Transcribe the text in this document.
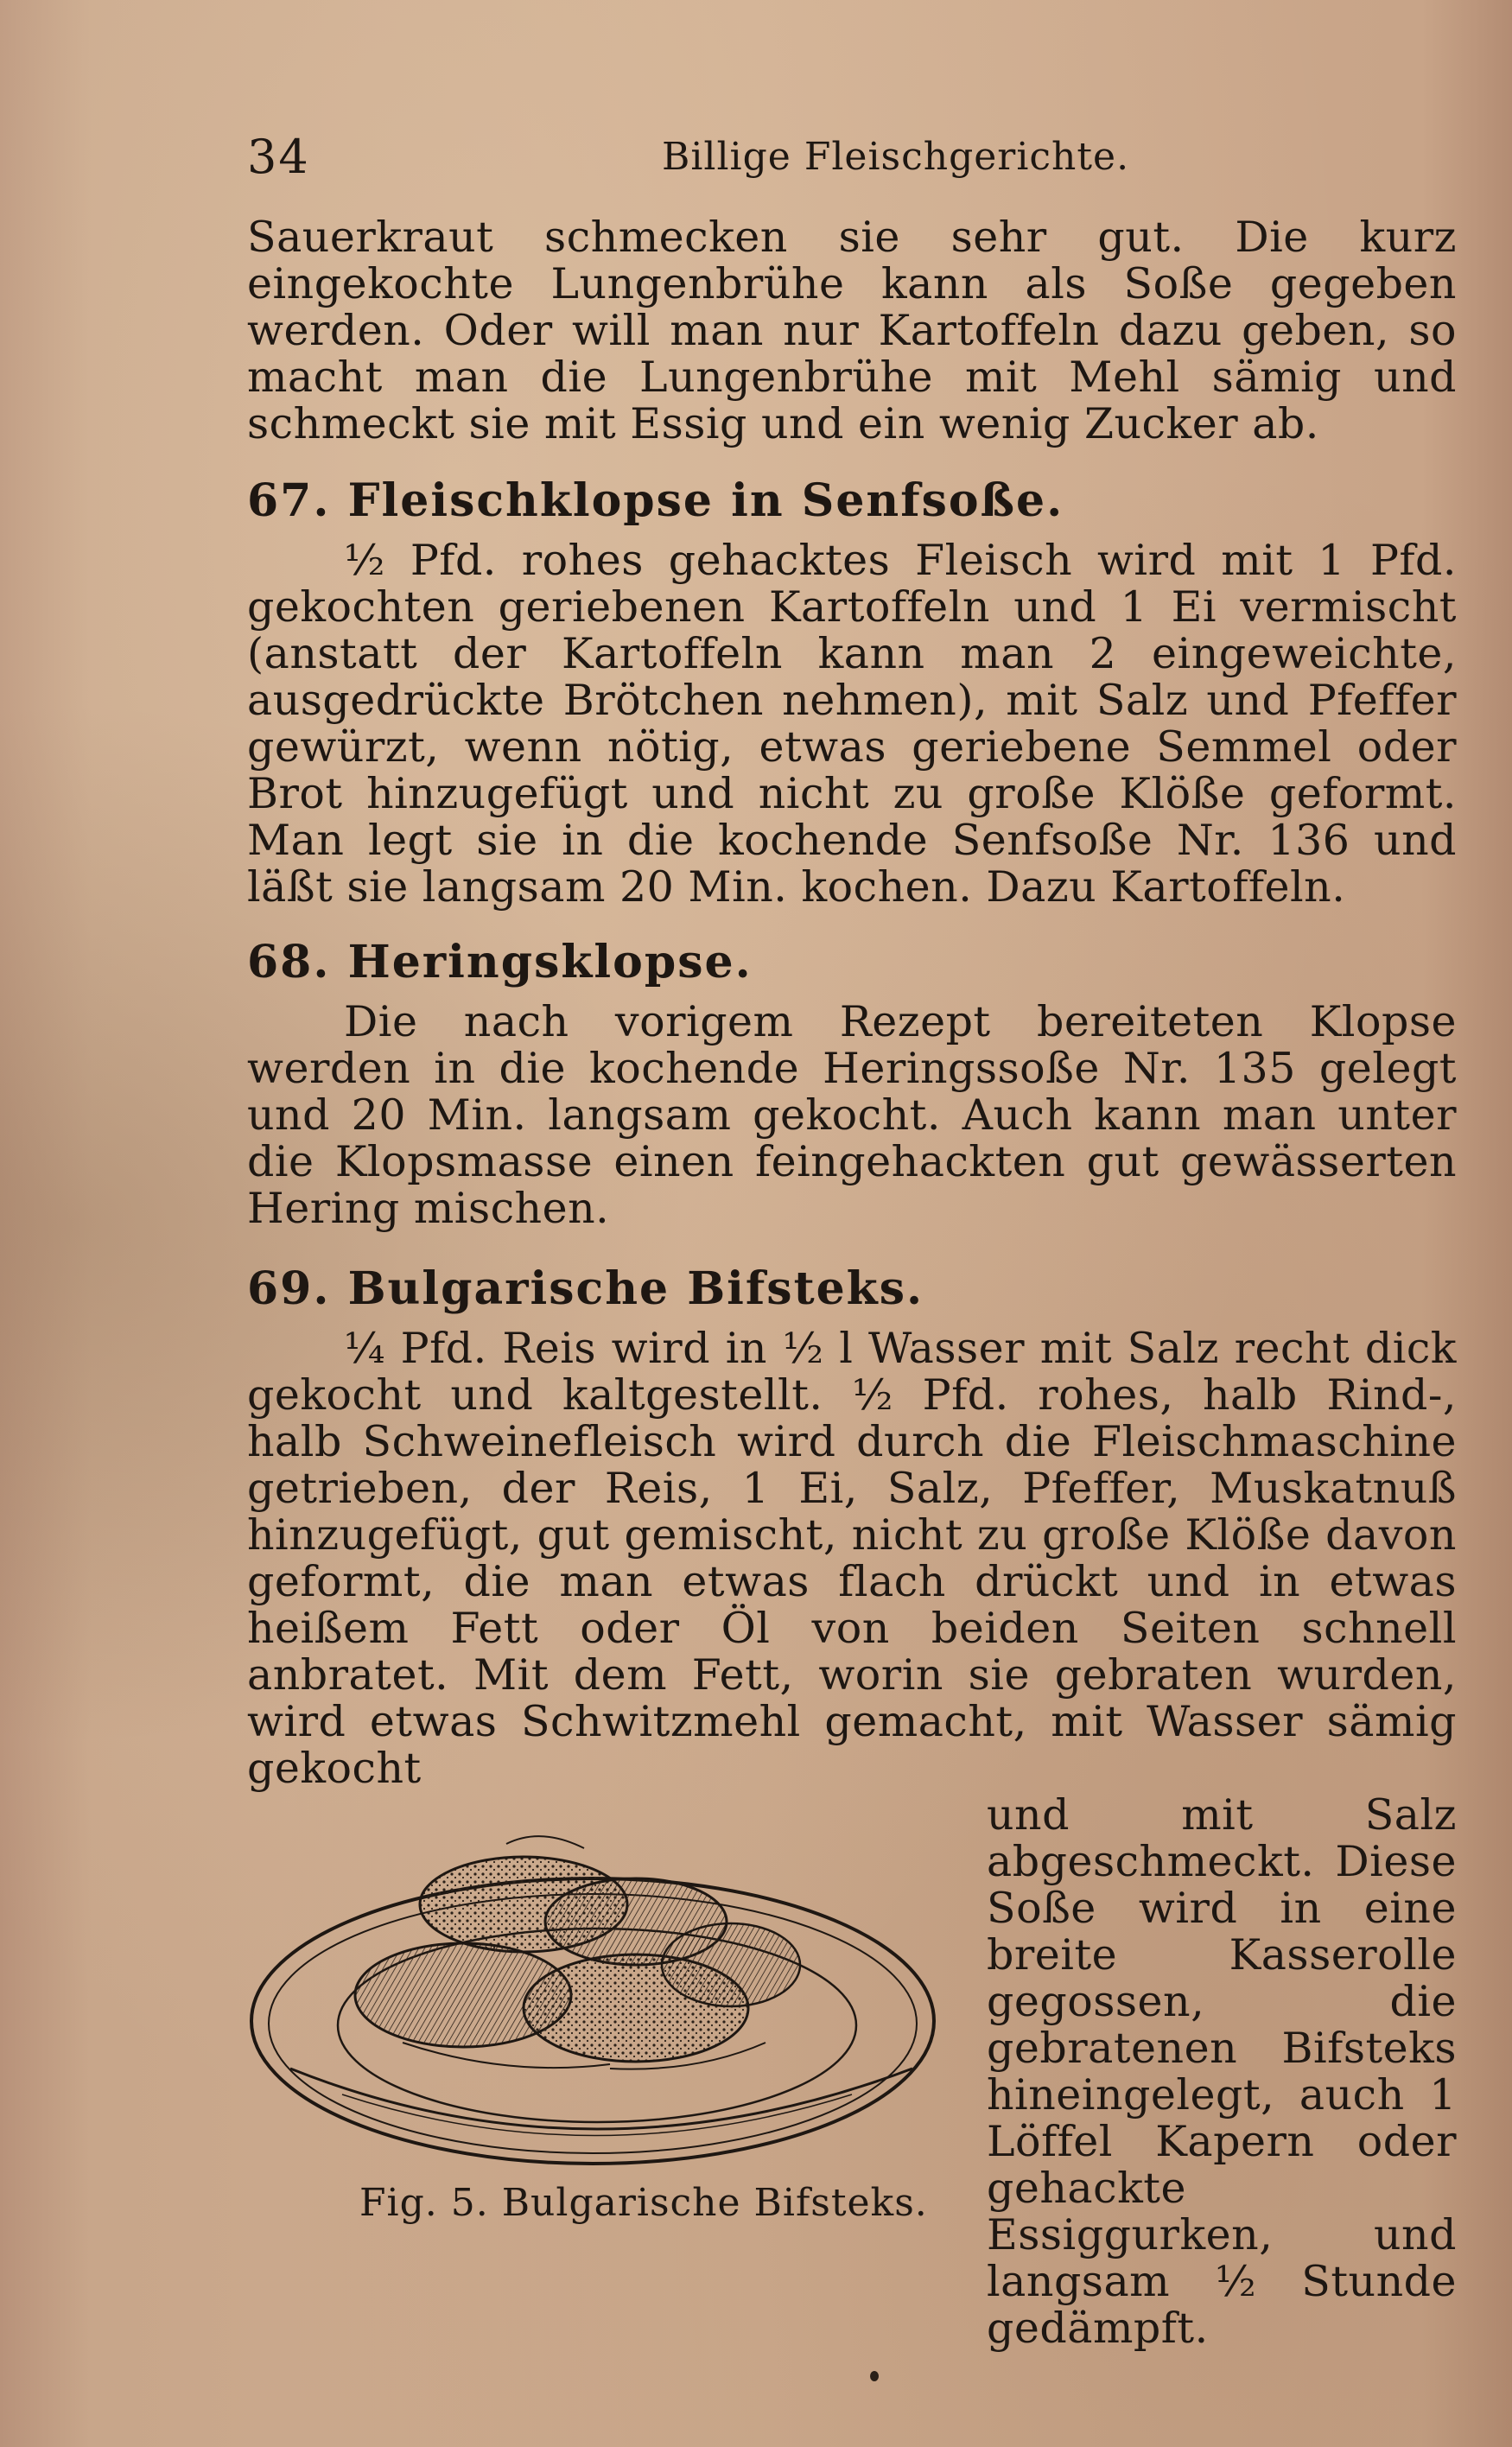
34	Billige Fleischgerichte.

Sauerkraut schmecken sie sehr gut. Die kurz eingekochte Lungenbrühe kann als Soße gegeben werden. Oder will man nur Kartoffeln dazu geben, so macht man die Lungenbrühe mit Mehl sämig und schmeckt sie mit Essig und ein wenig Zucker ab.

67. Fleischklopse in Senfsoße.

½ Pfd. rohes gehacktes Fleisch wird mit 1 Pfd. gekochten geriebenen Kartoffeln und 1 Ei vermischt (anstatt der Kartoffeln kann man 2 eingeweichte, ausgedrückte Brötchen nehmen), mit Salz und Pfeffer gewürzt, wenn nötig, etwas geriebene Semmel oder Brot hinzugefügt und nicht zu große Klöße geformt. Man legt sie in die kochende Senfsoße Nr. 136 und läßt sie langsam 20 Min. kochen. Dazu Kartoffeln.

68. Heringsklopse.

Die nach vorigem Rezept bereiteten Klopse werden in die kochende Heringssoße Nr. 135 gelegt und 20 Min. langsam gekocht. Auch kann man unter die Klopsmasse einen feingehackten gut gewässerten Hering mischen.

69. Bulgarische Bifsteks.

¼ Pfd. Reis wird in ½ l Wasser mit Salz recht dick gekocht und kaltgestellt. ½ Pfd. rohes, halb Rind-, halb Schweinefleisch wird durch die Fleischmaschine getrieben, der Reis, 1 Ei, Salz, Pfeffer, Muskatnuß hinzugefügt, gut gemischt, nicht zu große Klöße davon geformt, die man etwas flach drückt und in etwas heißem Fett oder Öl von beiden Seiten schnell anbratet. Mit dem Fett, worin sie gebraten wurden, wird etwas Schwitzmehl gemacht, mit Wasser sämig gekocht

Fig. 5. Bulgarische Bifsteks.

und mit Salz abgeschmeckt. Diese Soße wird in eine breite Kasserolle gegossen, die gebratenen Bifsteks hineingelegt, auch 1 Löffel Kapern oder gehackte Essiggurken, und langsam ½ Stunde gedämpft.
